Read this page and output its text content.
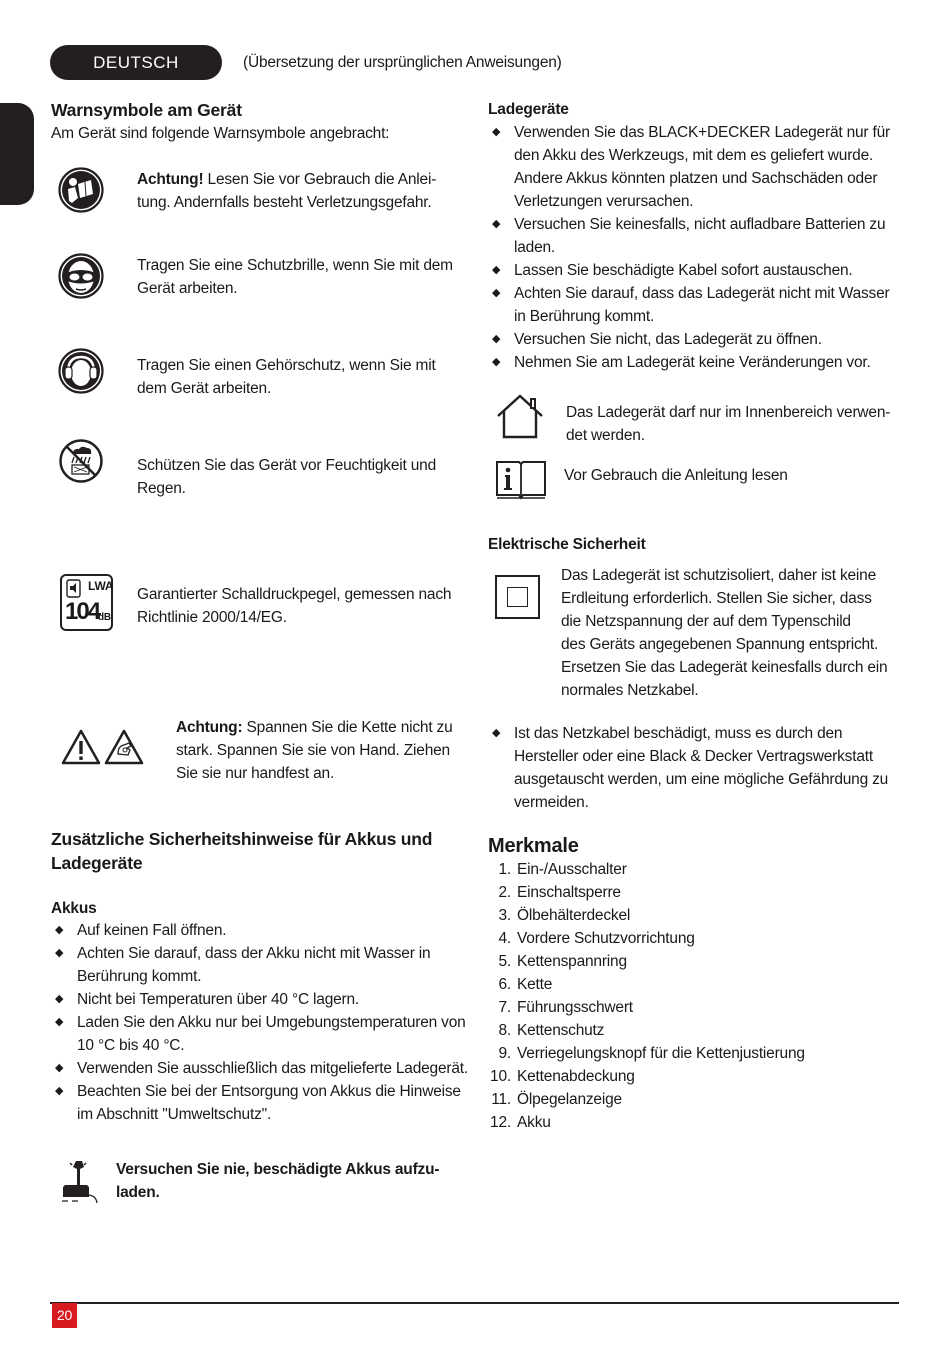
DEUTSCH	(Übersetzung der ursprünglichen Anweisungen)
Warnsymbole am Gerät
Am Gerät sind folgende Warnsymbole angebracht:
Achtung! Lesen Sie vor Gebrauch die Anlei-
tung. Andernfalls besteht Verletzungsgefahr.
Tragen Sie eine Schutzbrille, wenn Sie mit dem
Gerät arbeiten.
Tragen Sie einen Gehörschutz, wenn Sie mit
dem Gerät arbeiten.
Schützen Sie das Gerät vor Feuchtigkeit und
Regen.
LWA
104
dB
Garantierter Schalldruckpegel, gemessen nach
Richtlinie 2000/14/EG.
Achtung: Spannen Sie die Kette nicht zu
stark. Spannen Sie sie von Hand. Ziehen
Sie sie nur handfest an.
Zusätzliche Sicherheitshinweise für Akkus und
Ladegeräte
Akkus
◆ Auf keinen Fall öffnen.
◆ Achten Sie darauf, dass der Akku nicht mit Wasser in
Berührung kommt.
◆ Nicht bei Temperaturen über 40 °C lagern.
◆ Laden Sie den Akku nur bei Umgebungstemperaturen von
10 °C bis 40 °C.
◆ Verwenden Sie ausschließlich das mitgelieferte Ladegerät.
◆ Beachten Sie bei der Entsorgung von Akkus die Hinweise
im Abschnitt "Umweltschutz".
Versuchen Sie nie, beschädigte Akkus aufzu-
laden.
Ladegeräte
◆ Verwenden Sie das BLACK+DECKER Ladegerät nur für
den Akku des Werkzeugs, mit dem es geliefert wurde.
Andere Akkus könnten platzen und Sachschäden oder
Verletzungen verursachen.
◆ Versuchen Sie keinesfalls, nicht aufladbare Batterien zu
laden.
◆ Lassen Sie beschädigte Kabel sofort austauschen.
◆ Achten Sie darauf, dass das Ladegerät nicht mit Wasser
in Berührung kommt.
◆ Versuchen Sie nicht, das Ladegerät zu öffnen.
◆ Nehmen Sie am Ladegerät keine Veränderungen vor.
Das Ladegerät darf nur im Innenbereich verwen-
det werden.
Vor Gebrauch die Anleitung lesen
Elektrische Sicherheit
Das Ladegerät ist schutzisoliert, daher ist keine
Erdleitung erforderlich. Stellen Sie sicher, dass
die Netzspannung der auf dem Typenschild
des Geräts angegebenen Spannung entspricht.
Ersetzen Sie das Ladegerät keinesfalls durch ein
normales Netzkabel.
◆ Ist das Netzkabel beschädigt, muss es durch den
Hersteller oder eine Black & Decker Vertragswerkstatt
ausgetauscht werden, um eine mögliche Gefährdung zu
vermeiden.
Merkmale
1. Ein-/Ausschalter
2. Einschaltsperre
3. Ölbehälterdeckel
4. Vordere Schutzvorrichtung
5. Kettenspannring
6. Kette
7. Führungsschwert
8. Kettenschutz
9. Verriegelungsknopf für die Kettenjustierung
10. Kettenabdeckung
11. Ölpegelanzeige
12. Akku
20
